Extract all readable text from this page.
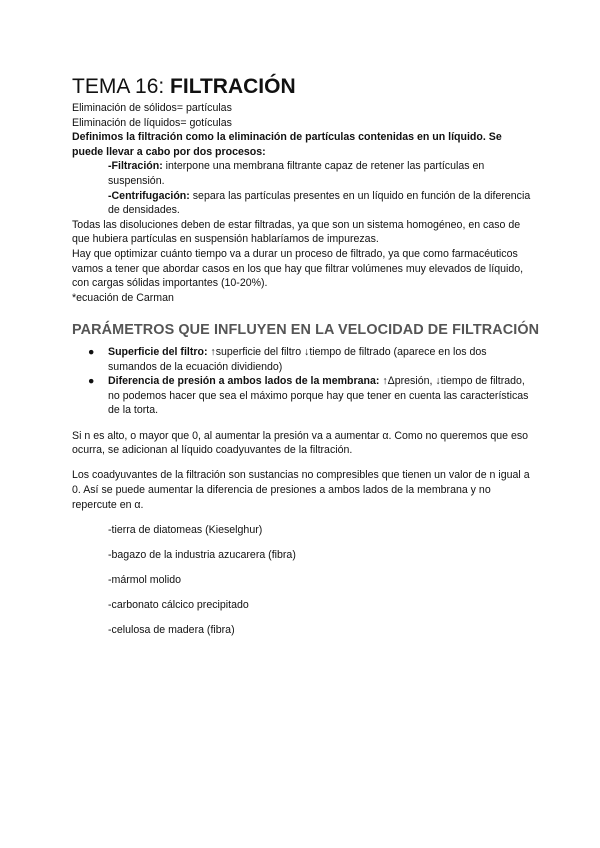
TEMA 16: FILTRACIÓN

Eliminación de sólidos= partículas

Eliminación de líquidos= gotículas

Definimos la filtración como la eliminación de partículas contenidas en un líquido. Se puede llevar a cabo por dos procesos:

-Filtración: interpone una membrana filtrante capaz de retener las partículas en suspensión.

-Centrifugación: separa las partículas presentes en un líquido en función de la diferencia de densidades.

Todas las disoluciones deben de estar filtradas, ya que son un sistema homogéneo, en caso de que hubiera partículas en suspensión hablaríamos de impurezas.

Hay que optimizar cuánto tiempo va a durar un proceso de filtrado, ya que como farmacéuticos vamos a tener que abordar casos en los que hay que filtrar volúmenes muy elevados de líquido, con cargas sólidas importantes (10-20%).

*ecuación de Carman

PARÁMETROS QUE INFLUYEN EN LA VELOCIDAD DE FILTRACIÓN
● Superficie del filtro: ↑superficie del filtro ↓tiempo de filtrado (aparece en los dos sumandos de la ecuación dividiendo)
● Diferencia de presión a ambos lados de la membrana: ↑Δpresión, ↓tiempo de filtrado, no podemos hacer que sea el máximo porque hay que tener en cuenta las características de la torta.

Si n es alto, o mayor que 0, al aumentar la presión va a aumentar α. Como no queremos que eso ocurra, se adicionan al líquido coadyuvantes de la filtración.

Los coadyuvantes de la filtración son sustancias no compresibles que tienen un valor de n igual a 0. Así se puede aumentar la diferencia de presiones a ambos lados de la membrana y no repercute en α.

-tierra de diatomeas (Kieselghur)

-bagazo de la industria azucarera (fibra)

-mármol molido

-carbonato cálcico precipitado

-celulosa de madera (fibra)
